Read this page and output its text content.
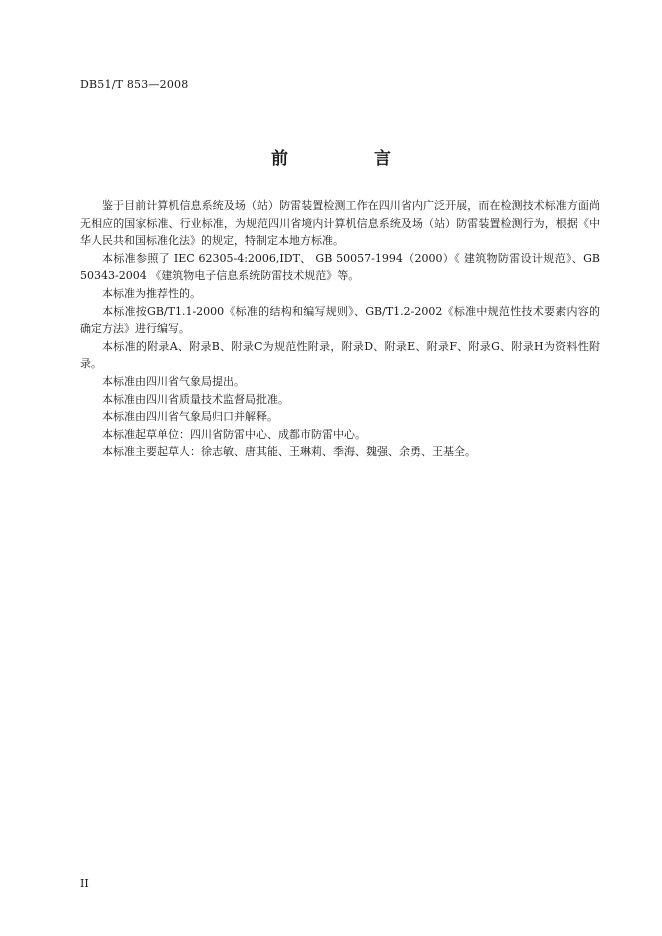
DB51/T 853—2008
前 言

鉴于目前计算机信息系统及场（站）防雷装置检测工作在四川省内广泛开展，而在检测技术标准方面尚无相应的国家标准、行业标准，为规范四川省境内计算机信息系统及场（站）防雷装置检测行为，根据《中华人民共和国标准化法》的规定，特制定本地方标准。

本标准参照了 IEC 62305-4:2006,IDT、 GB 50057-1994（2000）《 建筑物防雷设计规范》、GB 50343-2004 《建筑物电子信息系统防雷技术规范》等。

本标准为推荐性的。

本标准按GB/T1.1-2000《标准的结构和编写规则》、GB/T1.2-2002《标准中规范性技术要素内容的确定方法》进行编写。

本标准的附录A、附录B、附录C为规范性附录，附录D、附录E、附录F、附录G、附录H为资料性附录。

本标准由四川省气象局提出。

本标准由四川省质量技术监督局批准。

本标准由四川省气象局归口并解释。

本标准起草单位：四川省防雷中心、成都市防雷中心。

本标准主要起草人：徐志敏、唐其能、王琳莉、季海、魏强、余勇、王基全。

II
